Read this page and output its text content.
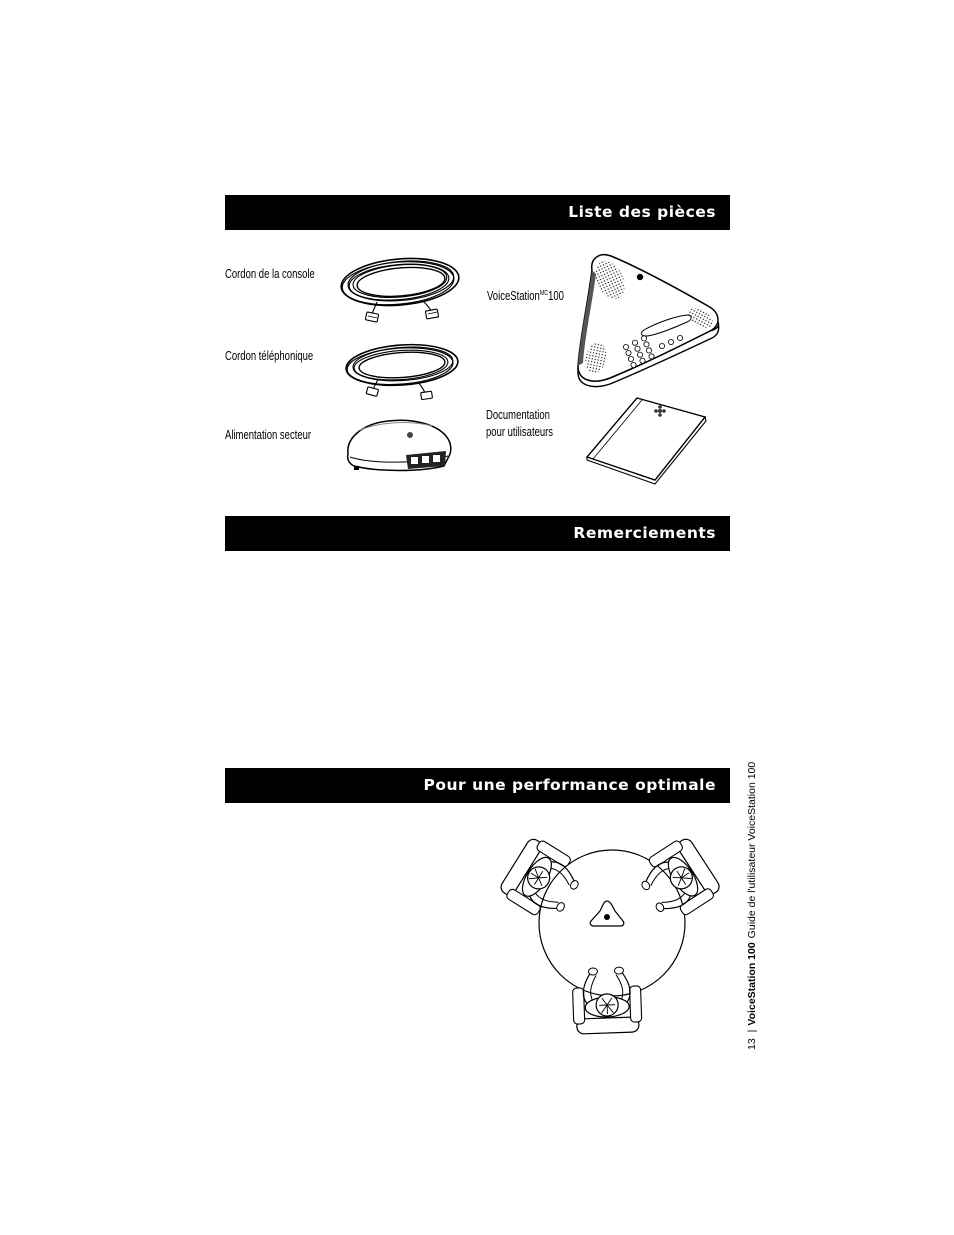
Liste des pièces
Cordon de la console
Cordon téléphonique
Alimentation secteur
VoiceStation$^{MC}$100
Documentation
pour utilisateurs
Remerciements
Pour une performance optimale
13|VoiceStation 100Guide de l'utilisateur VoiceStation 100
